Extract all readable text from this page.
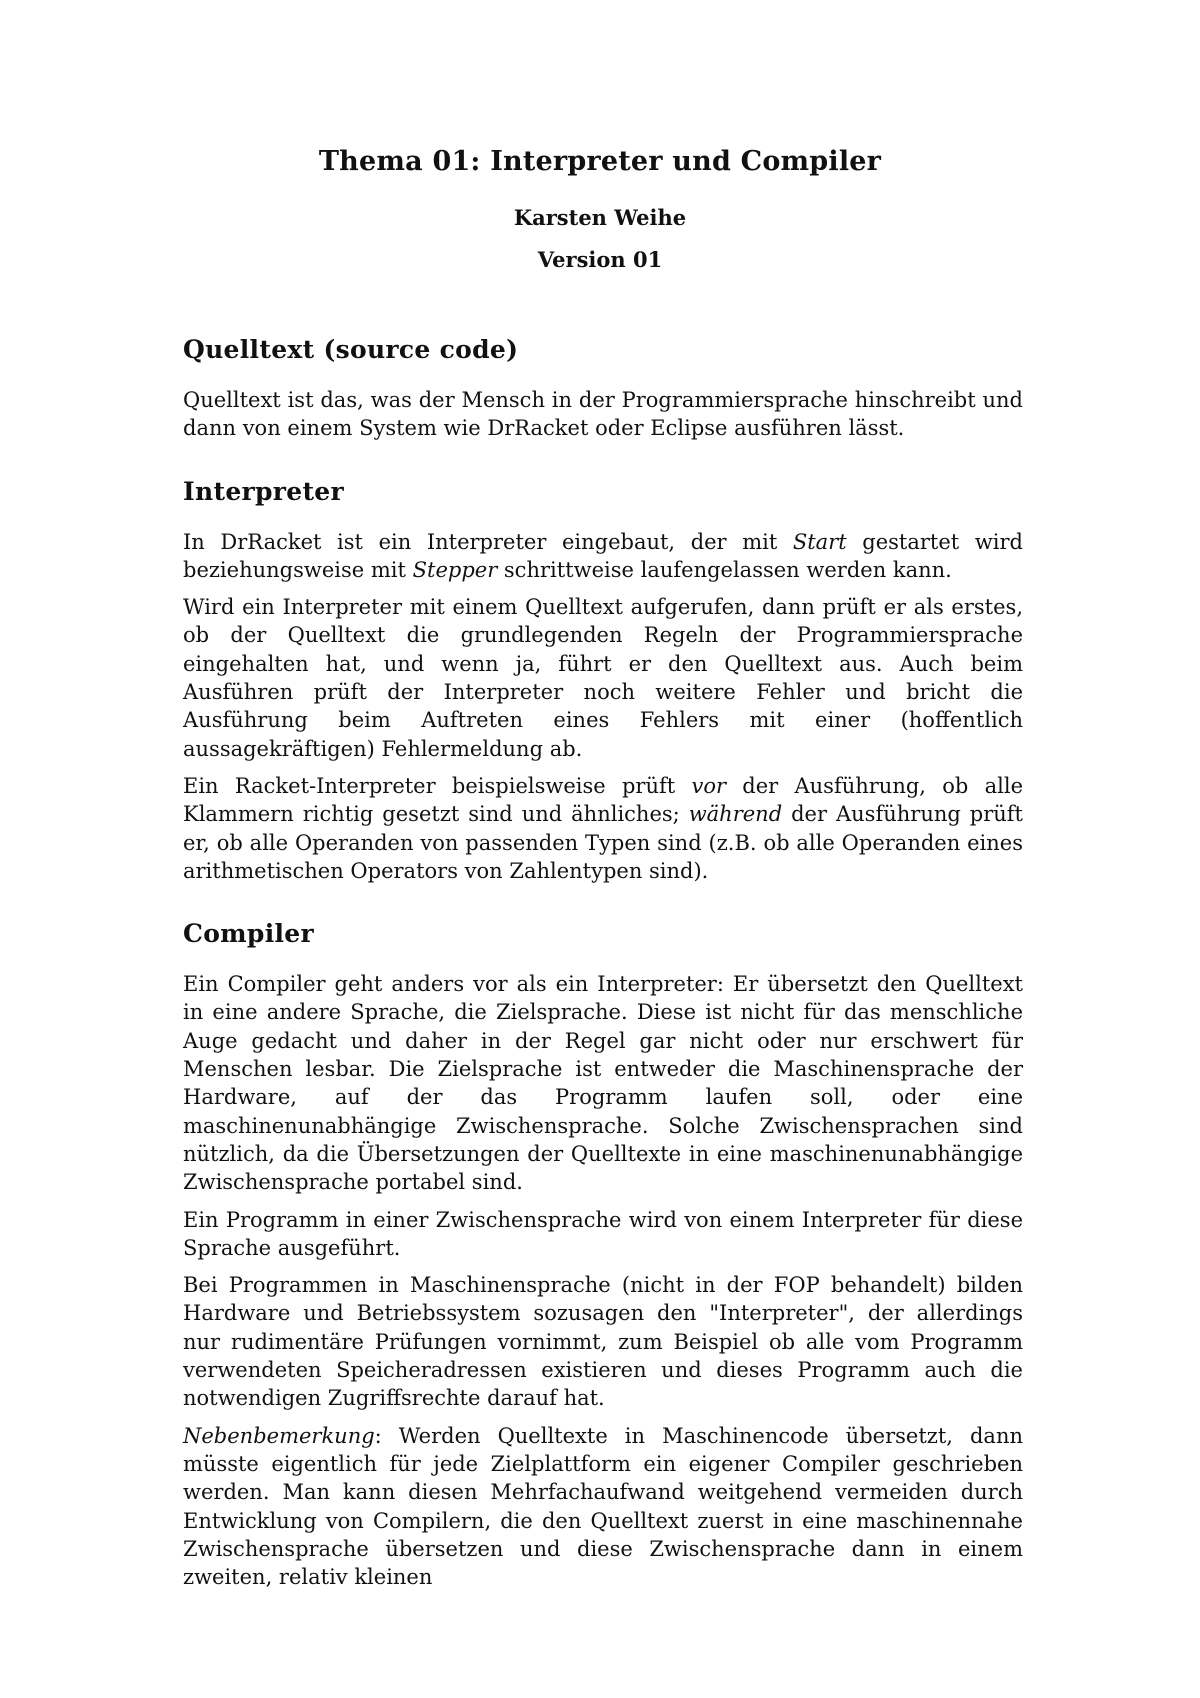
Thema 01: Interpreter und Compiler
Karsten Weihe
Version 01
Quelltext (source code)

Quelltext ist das, was der Mensch in der Programmiersprache hinschreibt und dann von einem System wie DrRacket oder Eclipse ausführen lässt.

Interpreter

In DrRacket ist ein Interpreter eingebaut, der mit Start gestartet wird beziehungsweise mit Stepper schrittweise laufengelassen werden kann.

Wird ein Interpreter mit einem Quelltext aufgerufen, dann prüft er als erstes, ob der Quelltext die grundlegenden Regeln der Programmiersprache eingehalten hat, und wenn ja, führt er den Quelltext aus. Auch beim Ausführen prüft der Interpreter noch weitere Fehler und bricht die Ausführung beim Auftreten eines Fehlers mit einer (hoffentlich aussagekräftigen) Fehlermeldung ab.

Ein Racket-Interpreter beispielsweise prüft vor der Ausführung, ob alle Klammern richtig gesetzt sind und ähnliches; während der Ausführung prüft er, ob alle Operanden von passenden Typen sind (z.B. ob alle Operanden eines arithmetischen Operators von Zahlentypen sind).

Compiler

Ein Compiler geht anders vor als ein Interpreter: Er übersetzt den Quelltext in eine andere Sprache, die Zielsprache. Diese ist nicht für das menschliche Auge gedacht und daher in der Regel gar nicht oder nur erschwert für Menschen lesbar. Die Zielsprache ist entweder die Maschinensprache der Hardware, auf der das Programm laufen soll, oder eine maschinenunabhängige Zwischensprache. Solche Zwischensprachen sind nützlich, da die Übersetzungen der Quelltexte in eine maschinenunabhängige Zwischensprache portabel sind.

Ein Programm in einer Zwischensprache wird von einem Interpreter für diese Sprache ausgeführt.

Bei Programmen in Maschinensprache (nicht in der FOP behandelt) bilden Hardware und Betriebssystem sozusagen den "Interpreter", der allerdings nur rudimentäre Prüfungen vornimmt, zum Beispiel ob alle vom Programm verwendeten Speicheradressen existieren und dieses Programm auch die notwendigen Zugriffsrechte darauf hat.

Nebenbemerkung: Werden Quelltexte in Maschinencode übersetzt, dann müsste eigentlich für jede Zielplattform ein eigener Compiler geschrieben werden. Man kann diesen Mehrfachaufwand weitgehend vermeiden durch Entwicklung von Compilern, die den Quelltext zuerst in eine maschinennahe Zwischensprache übersetzen und diese Zwischensprache dann in einem zweiten, relativ kleinen
